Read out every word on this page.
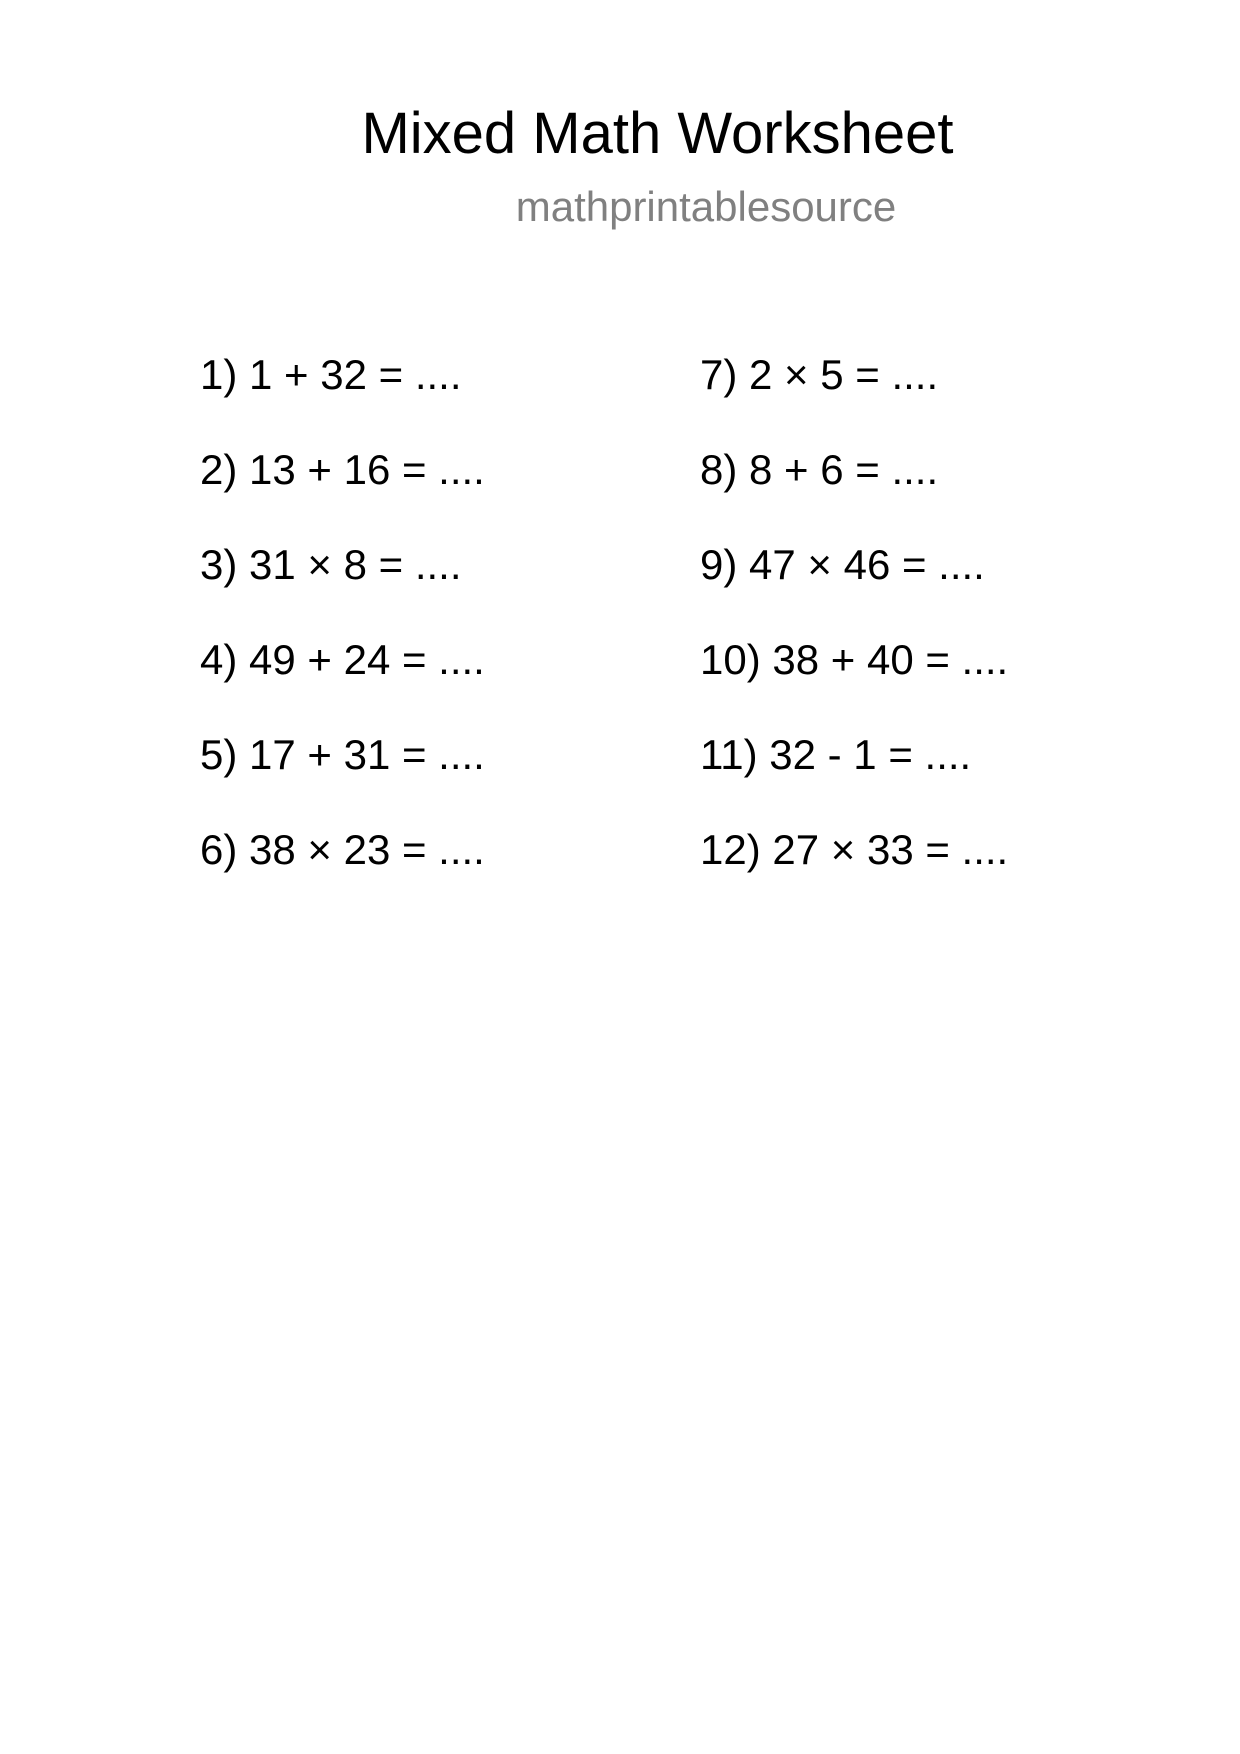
Mixed Math Worksheet
mathprintablesource
1) 1 + 32 = ....
2) 13 + 16 = ....
3) 31 × 8 = ....
4) 49 + 24 = ....
5) 17 + 31 = ....
6) 38 × 23 = ....
7) 2 × 5 = ....
8) 8 + 6 = ....
9) 47 × 46 = ....
10) 38 + 40 = ....
11) 32 - 1 = ....
12) 27 × 33 = ....
